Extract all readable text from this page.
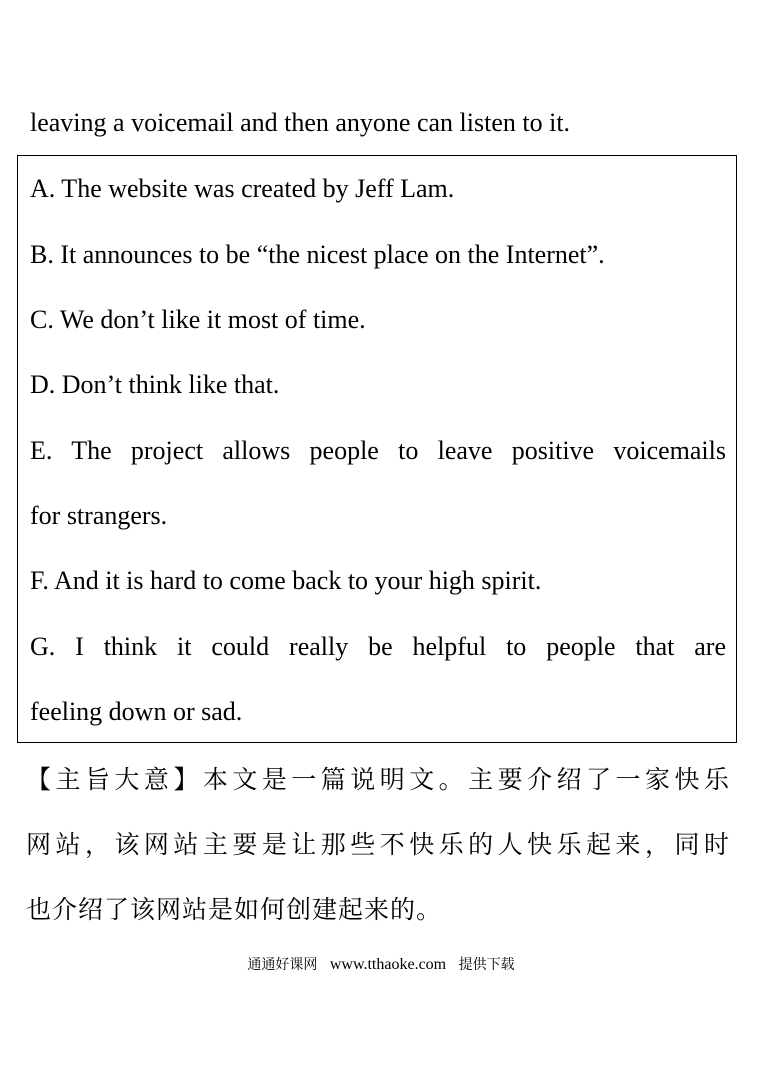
leaving a voicemail and then anyone can listen to it.
A. The website was created by Jeff Lam.
B. It announces to be “the nicest place on the Internet”.
C. We don’t like it most of time.
D. Don’t think like that.
E. The project allows people to leave positive voicemails
for strangers.
F. And it is hard to come back to your high spirit.
G. I think it could really be helpful to people that are
feeling down or sad.
【主旨大意】本文是一篇说明文。主要介绍了一家快乐
网站，该网站主要是让那些不快乐的人快乐起来，同时
也介绍了该网站是如何创建起来的。
通通好课网 www.tthaoke.com 提供下载
